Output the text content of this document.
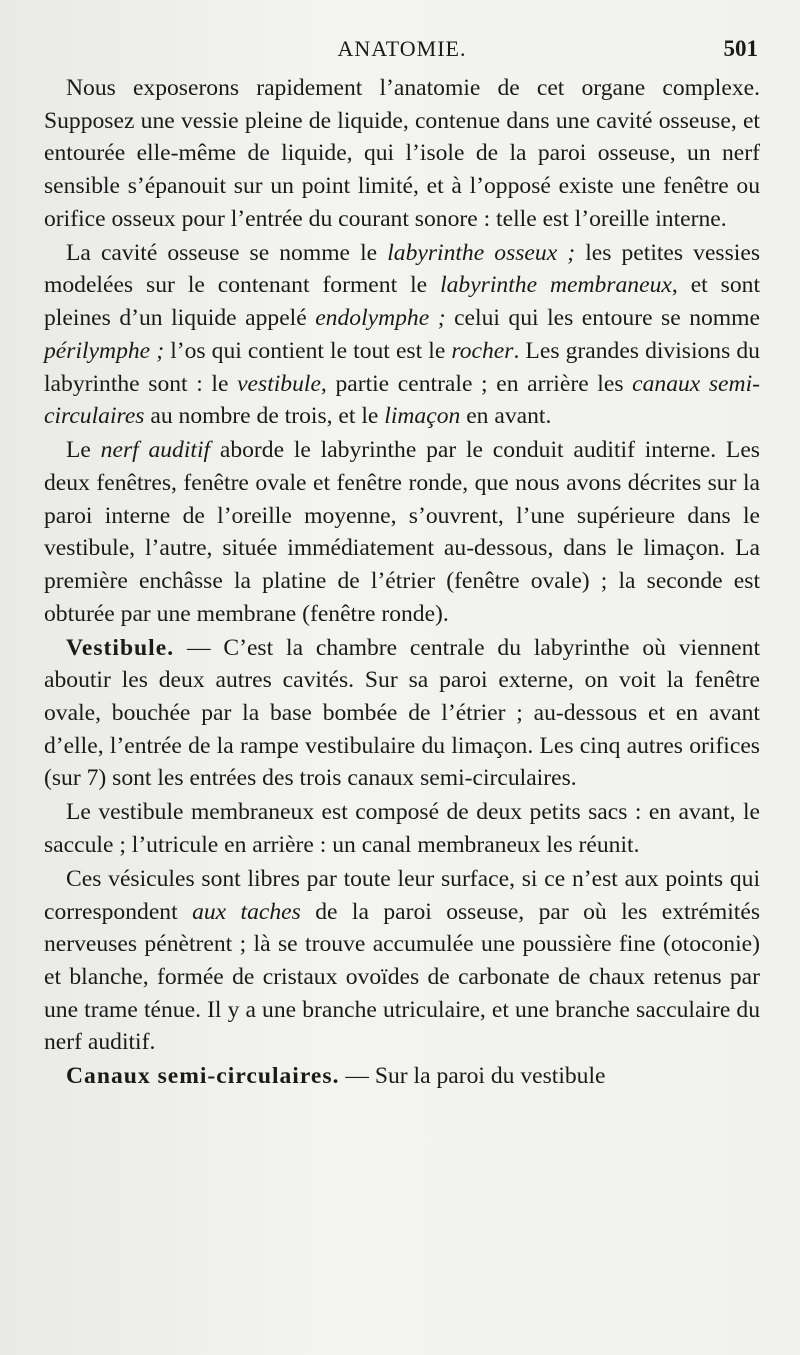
ANATOMIE.	501

Nous exposerons rapidement l’anatomie de cet organe complexe. Supposez une vessie pleine de liquide, contenue dans une cavité osseuse, et entourée elle-même de liquide, qui l’isole de la paroi osseuse, un nerf sensible s’épanouit sur un point limité, et à l’opposé existe une fenêtre ou orifice osseux pour l’entrée du courant sonore : telle est l’oreille interne.

La cavité osseuse se nomme le labyrinthe osseux ; les petites vessies modelées sur le contenant forment le labyrinthe membraneux, et sont pleines d’un liquide appelé endolymphe ; celui qui les entoure se nomme périlymphe ; l’os qui contient le tout est le rocher. Les grandes divisions du labyrinthe sont : le vestibule, partie centrale ; en arrière les canaux semi-circulaires au nombre de trois, et le limaçon en avant.

Le nerf auditif aborde le labyrinthe par le conduit auditif interne. Les deux fenêtres, fenêtre ovale et fenêtre ronde, que nous avons décrites sur la paroi interne de l’oreille moyenne, s’ouvrent, l’une supérieure dans le vestibule, l’autre, située immédiatement au-dessous, dans le limaçon. La première enchâsse la platine de l’étrier (fenêtre ovale) ; la seconde est obturée par une membrane (fenêtre ronde).

Vestibule. — C’est la chambre centrale du labyrinthe où viennent aboutir les deux autres cavités. Sur sa paroi externe, on voit la fenêtre ovale, bouchée par la base bombée de l’étrier ; au-dessous et en avant d’elle, l’entrée de la rampe vestibulaire du limaçon. Les cinq autres orifices (sur 7) sont les entrées des trois canaux semi-circulaires.

Le vestibule membraneux est composé de deux petits sacs : en avant, le saccule ; l’utricule en arrière : un canal membraneux les réunit.

Ces vésicules sont libres par toute leur surface, si ce n’est aux points qui correspondent aux taches de la paroi osseuse, par où les extrémités nerveuses pénètrent ; là se trouve accumulée une poussière fine (otoconie) et blanche, formée de cristaux ovoïdes de carbonate de chaux retenus par une trame ténue. Il y a une branche utriculaire, et une branche sacculaire du nerf auditif.

Canaux semi-circulaires. — Sur la paroi du vestibule
